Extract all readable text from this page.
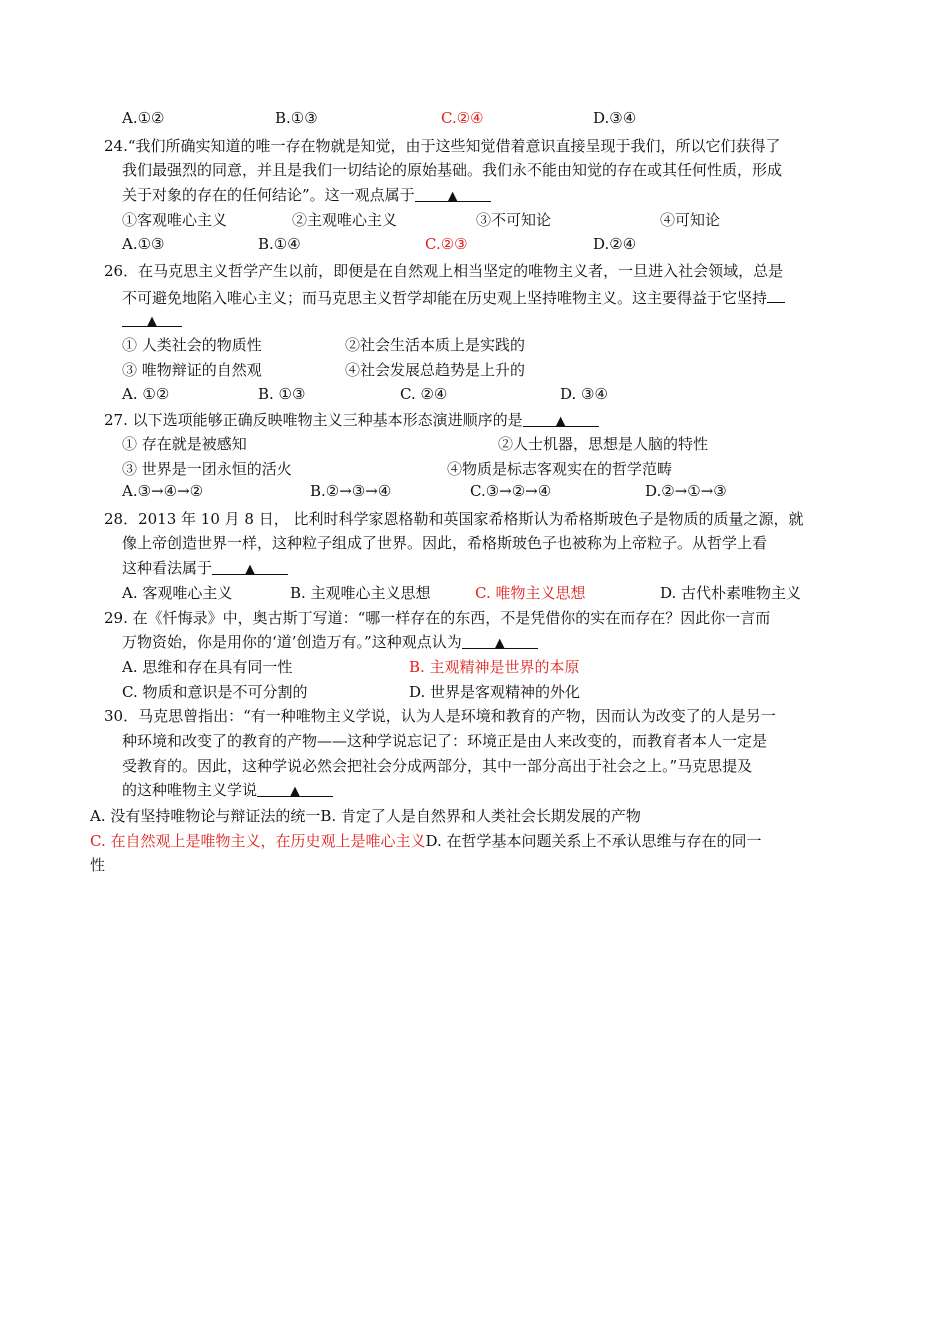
A.①②	B.①③	C.②④	D.③④
24.“我们所确实知道的唯一存在物就是知觉，由于这些知觉借着意识直接呈现于我们，所以它们获得了
我们最强烈的同意，并且是我们一切结论的原始基础。我们永不能由知觉的存在或其任何性质，形成
关于对象的存在的任何结论”。这一观点属于	▲
①客观唯心主义	②主观唯心主义	③不可知论	④可知论
A.①③	B.①④	C.②③	D.②④
26．在马克思主义哲学产生以前，即便是在自然观上相当坚定的唯物主义者，一旦进入社会领域，总是
不可避免地陷入唯心主义；而马克思主义哲学却能在历史观上坚持唯物主义。这主要得益于它坚持
▲
① 人类社会的物质性	②社会生活本质上是实践的
③ 唯物辩证的自然观	④社会发展总趋势是上升的
A. ①②	B. ①③	C. ②④	D. ③④
27. 以下选项能够正确反映唯物主义三种基本形态演进顺序的是	▲
① 存在就是被感知	②人士机器，思想是人脑的特性
③ 世界是一团永恒的活火	④物质是标志客观实在的哲学范畴
A.③→④→②	B.②→③→④	C.③→②→④	D.②→①→③
28．2013 年 10 月 8 日， 比利时科学家恩格勒和英国家希格斯认为希格斯玻色子是物质的质量之源，就
像上帝创造世界一样，这种粒子组成了世界。因此，希格斯玻色子也被称为上帝粒子。从哲学上看
这种看法属于	▲
A. 客观唯心主义	B. 主观唯心主义思想	C. 唯物主义思想	D. 古代朴素唯物主义
29. 在《忏悔录》中，奥古斯丁写道：“哪一样存在的东西，不是凭借你的实在而存在？因此你一言而
万物资始，你是用你的‘道’创造万有。”这种观点认为	▲
A. 思维和存在具有同一性	B. 主观精神是世界的本原
C. 物质和意识是不可分割的	D. 世界是客观精神的外化
30．马克思曾指出：“有一种唯物主义学说，认为人是环境和教育的产物，因而认为改变了的人是另一
种环境和改变了的教育的产物——这种学说忘记了：环境正是由人来改变的，而教育者本人一定是
受教育的。因此，这种学说必然会把社会分成两部分，其中一部分高出于社会之上。”马克思提及
的这种唯物主义学说	▲
A. 没有坚持唯物论与辩证法的统一B. 肯定了人是自然界和人类社会长期发展的产物
C. 在自然观上是唯物主义，在历史观上是唯心主义D. 在哲学基本问题关系上不承认思维与存在的同一
性
